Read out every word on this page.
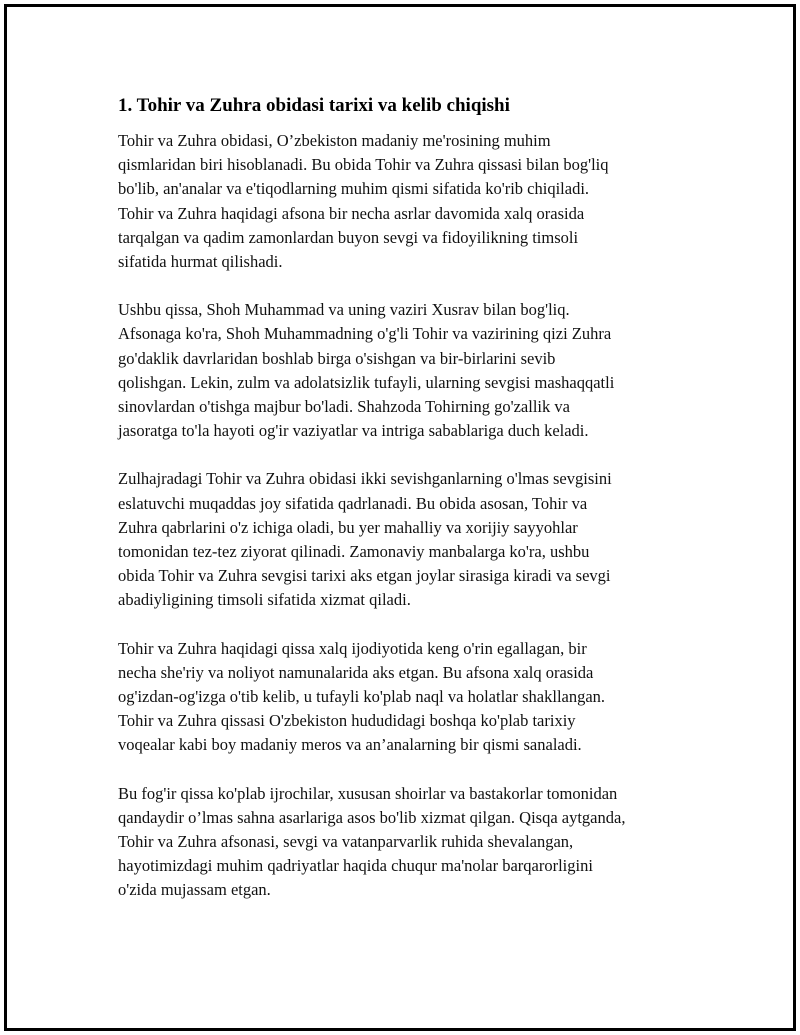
1. Tohir va Zuhra obidasi tarixi va kelib chiqishi

Tohir va Zuhra obidasi, O’zbekiston madaniy me'rosining muhim
qismlaridan biri hisoblanadi. Bu obida Tohir va Zuhra qissasi bilan bog'liq
bo'lib, an'analar va e'tiqodlarning muhim qismi sifatida ko'rib chiqiladi.
Tohir va Zuhra haqidagi afsona bir necha asrlar davomida xalq orasida
tarqalgan va qadim zamonlardan buyon sevgi va fidoyilikning timsoli
sifatida hurmat qilishadi.

Ushbu qissa, Shoh Muhammad va uning vaziri Xusrav bilan bog'liq.
Afsonaga ko'ra, Shoh Muhammadning o'g'li Tohir va vazirining qizi Zuhra
go'daklik davrlaridan boshlab birga o'sishgan va bir-birlarini sevib
qolishgan. Lekin, zulm va adolatsizlik tufayli, ularning sevgisi mashaqqatli
sinovlardan o'tishga majbur bo'ladi. Shahzoda Tohirning go'zallik va
jasoratga to'la hayoti og'ir vaziyatlar va intriga sabablariga duch keladi.

Zulhajradagi Tohir va Zuhra obidasi ikki sevishganlarning o'lmas sevgisini
eslatuvchi muqaddas joy sifatida qadrlanadi. Bu obida asosan, Tohir va
Zuhra qabrlarini o'z ichiga oladi, bu yer mahalliy va xorijiy sayyohlar
tomonidan tez-tez ziyorat qilinadi. Zamonaviy manbalarga ko'ra, ushbu
obida Tohir va Zuhra sevgisi tarixi aks etgan joylar sirasiga kiradi va sevgi
abadiyligining timsoli sifatida xizmat qiladi.

Tohir va Zuhra haqidagi qissa xalq ijodiyotida keng o'rin egallagan, bir
necha she'riy va noliyot namunalarida aks etgan. Bu afsona xalq orasida
og'izdan-og'izga o'tib kelib, u tufayli ko'plab naql va holatlar shakllangan.
Tohir va Zuhra qissasi O'zbekiston hududidagi boshqa ko'plab tarixiy
voqealar kabi boy madaniy meros va an’analarning bir qismi sanaladi.

Bu fog'ir qissa ko'plab ijrochilar, xususan shoirlar va bastakorlar tomonidan
qandaydir o’lmas sahna asarlariga asos bo'lib xizmat qilgan. Qisqa aytganda,
Tohir va Zuhra afsonasi, sevgi va vatanparvarlik ruhida shevalangan,
hayotimizdagi muhim qadriyatlar haqida chuqur ma'nolar barqarorligini
o'zida mujassam etgan.
